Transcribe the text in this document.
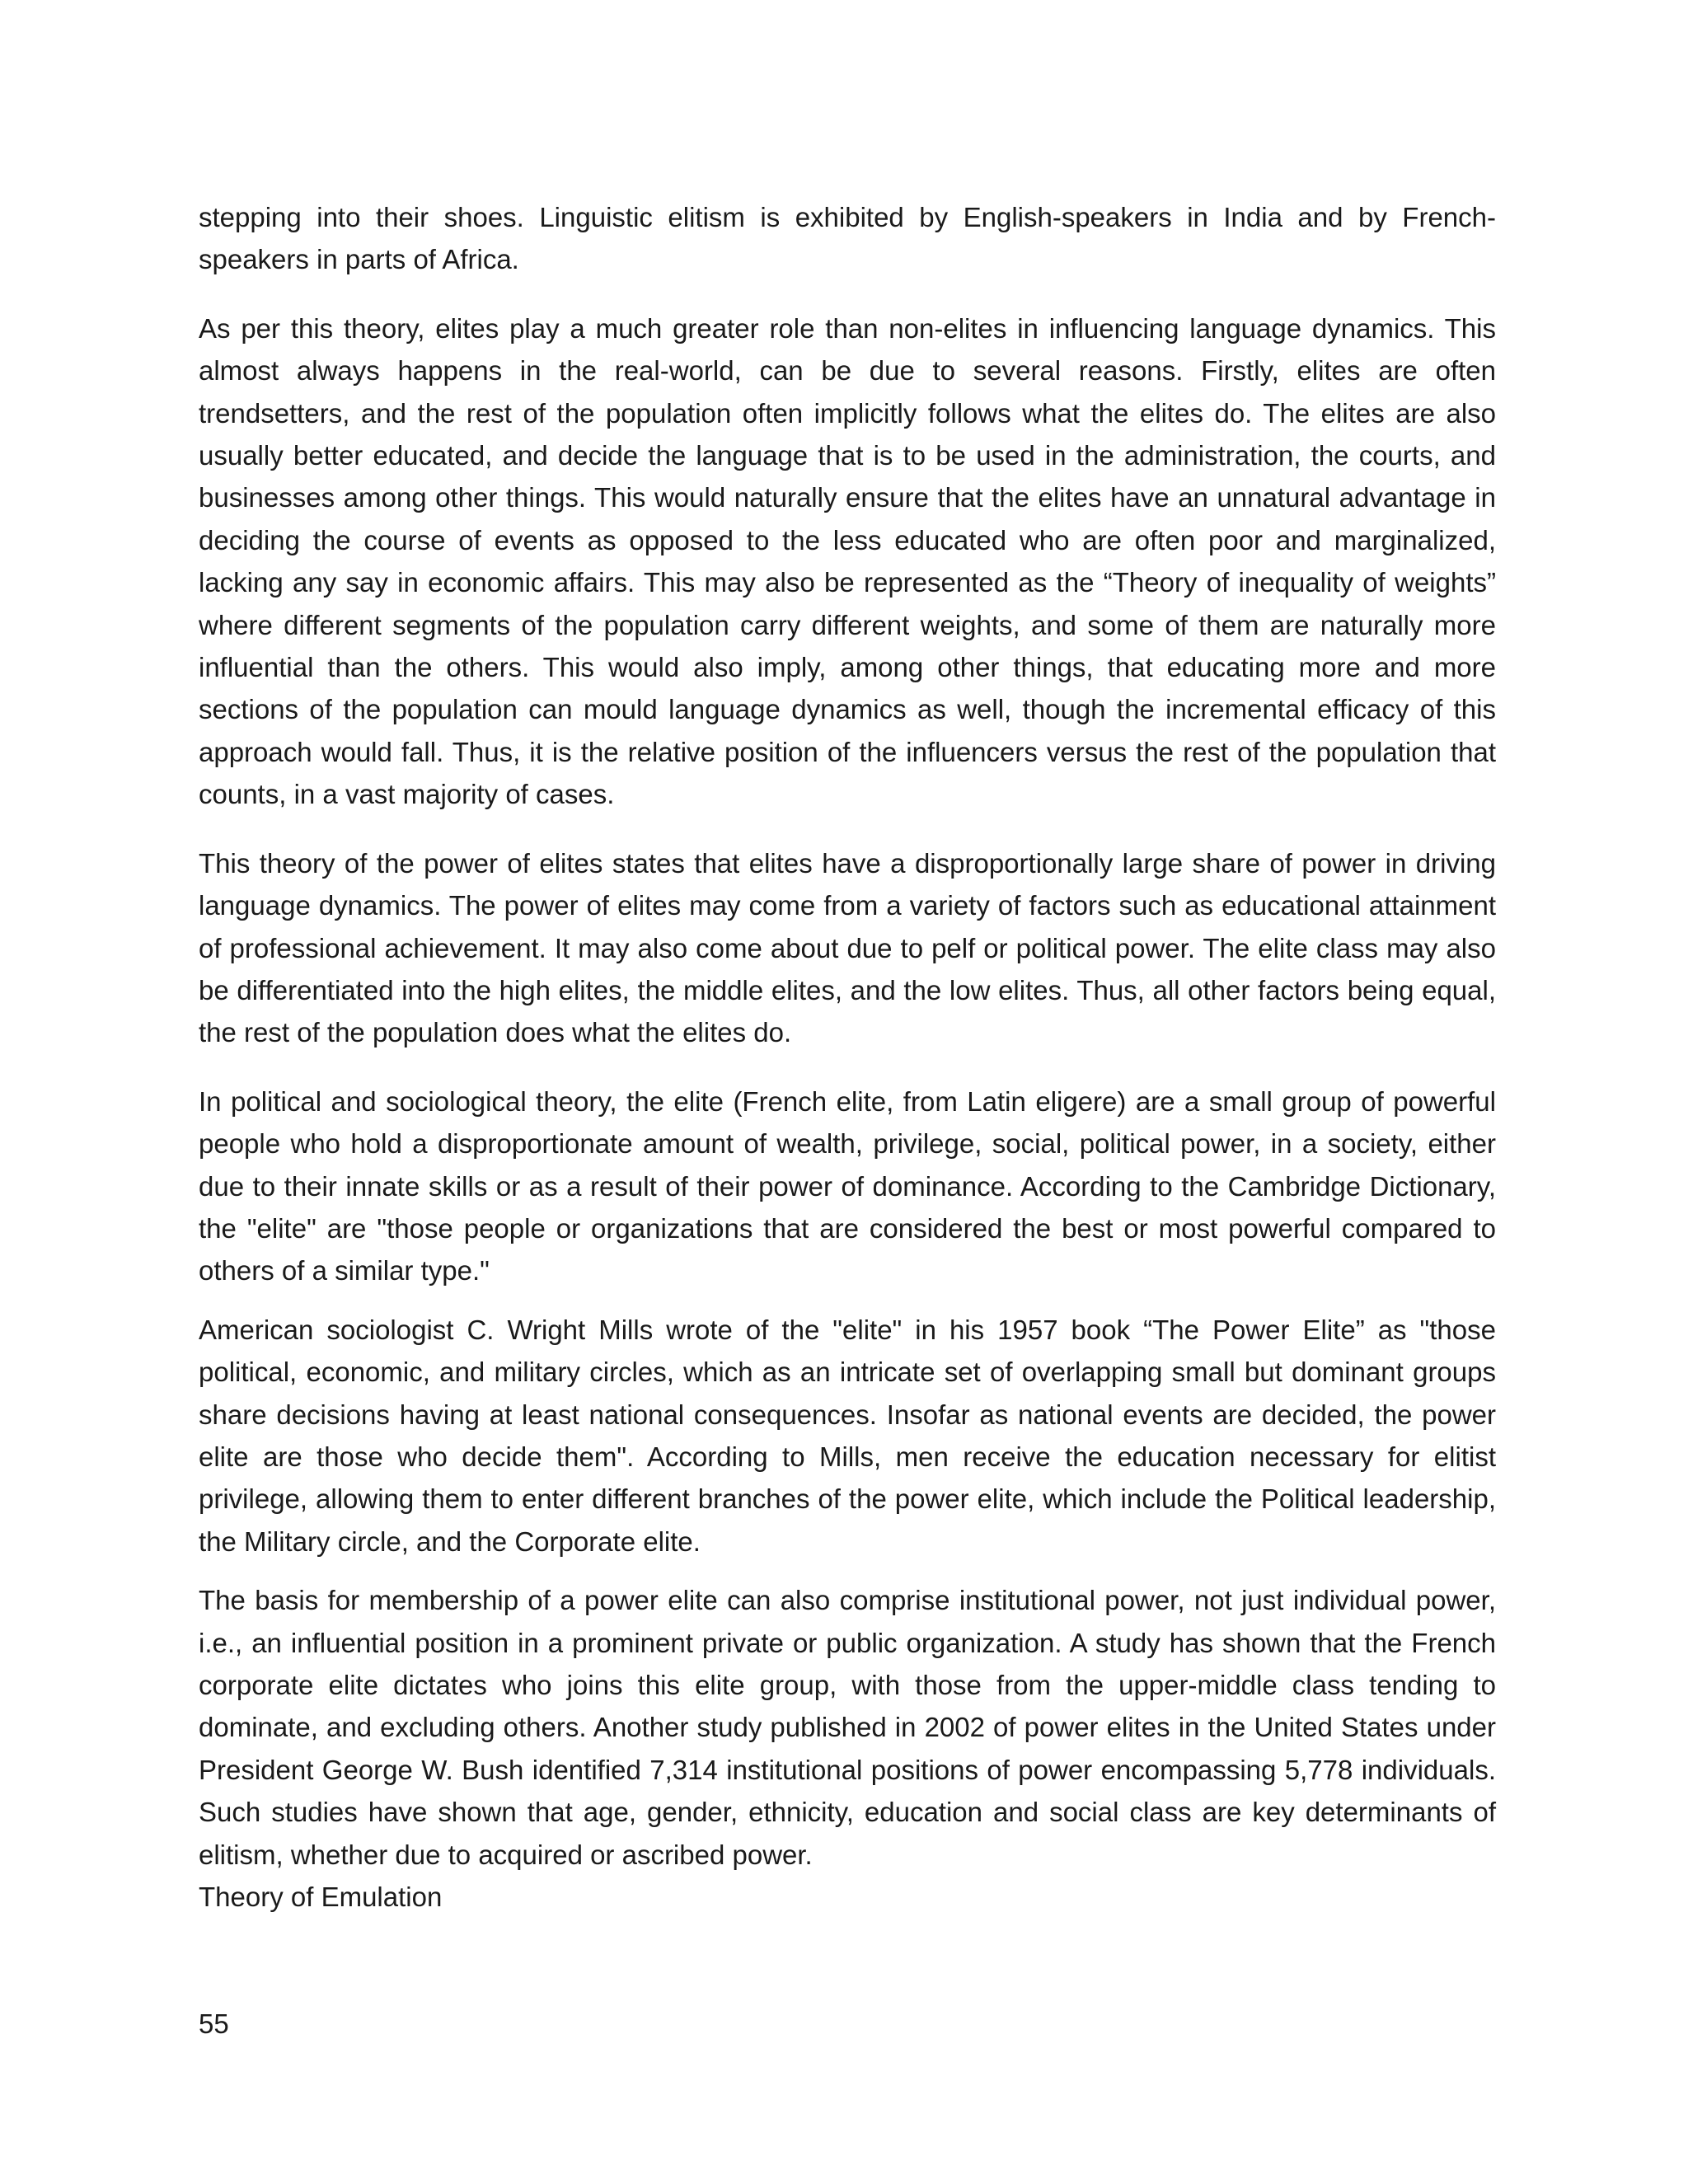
stepping into their shoes. Linguistic elitism is exhibited by English-speakers in India and by French-speakers in parts of Africa.

As per this theory, elites play a much greater role than non-elites in influencing language dynamics. This almost always happens in the real-world, can be due to several reasons. Firstly, elites are often trendsetters, and the rest of the population often implicitly follows what the elites do. The elites are also usually better educated, and decide the language that is to be used in the administration, the courts, and businesses among other things. This would naturally ensure that the elites have an unnatural advantage in deciding the course of events as opposed to the less educated who are often poor and marginalized, lacking any say in economic affairs. This may also be represented as the “Theory of inequality of weights” where different segments of the population carry different weights, and some of them are naturally more influential than the others. This would also imply, among other things, that educating more and more sections of the population can mould language dynamics as well, though the incremental efficacy of this approach would fall. Thus, it is the relative position of the influencers versus the rest of the population that counts, in a vast majority of cases.

This theory of the power of elites states that elites have a disproportionally large share of power in driving language dynamics. The power of elites may come from a variety of factors such as educational attainment of professional achievement. It may also come about due to pelf or political power. The elite class may also be differentiated into the high elites, the middle elites, and the low elites. Thus, all other factors being equal, the rest of the population does what the elites do.

In political and sociological theory, the elite (French elite, from Latin eligere) are a small group of powerful people who hold a disproportionate amount of wealth, privilege, social, political power, in a society, either due to their innate skills or as a result of their power of dominance. According to the Cambridge Dictionary, the "elite" are "those people or organizations that are considered the best or most powerful compared to others of a similar type."

American sociologist C. Wright Mills wrote of the "elite" in his 1957 book “The Power Elite” as "those political, economic, and military circles, which as an intricate set of overlapping small but dominant groups share decisions having at least national consequences. Insofar as national events are decided, the power elite are those who decide them". According to Mills, men receive the education necessary for elitist privilege, allowing them to enter different branches of the power elite, which include the Political leadership, the Military circle, and the Corporate elite.

The basis for membership of a power elite can also comprise institutional power, not just individual power, i.e., an influential position in a prominent private or public organization. A study has shown that the French corporate elite dictates who joins this elite group, with those from the upper-middle class tending to dominate, and excluding others. Another study published in 2002 of power elites in the United States under President George W. Bush identified 7,314 institutional positions of power encompassing 5,778 individuals. Such studies have shown that age, gender, ethnicity, education and social class are key determinants of elitism, whether due to acquired or ascribed power.

Theory of Emulation

55
